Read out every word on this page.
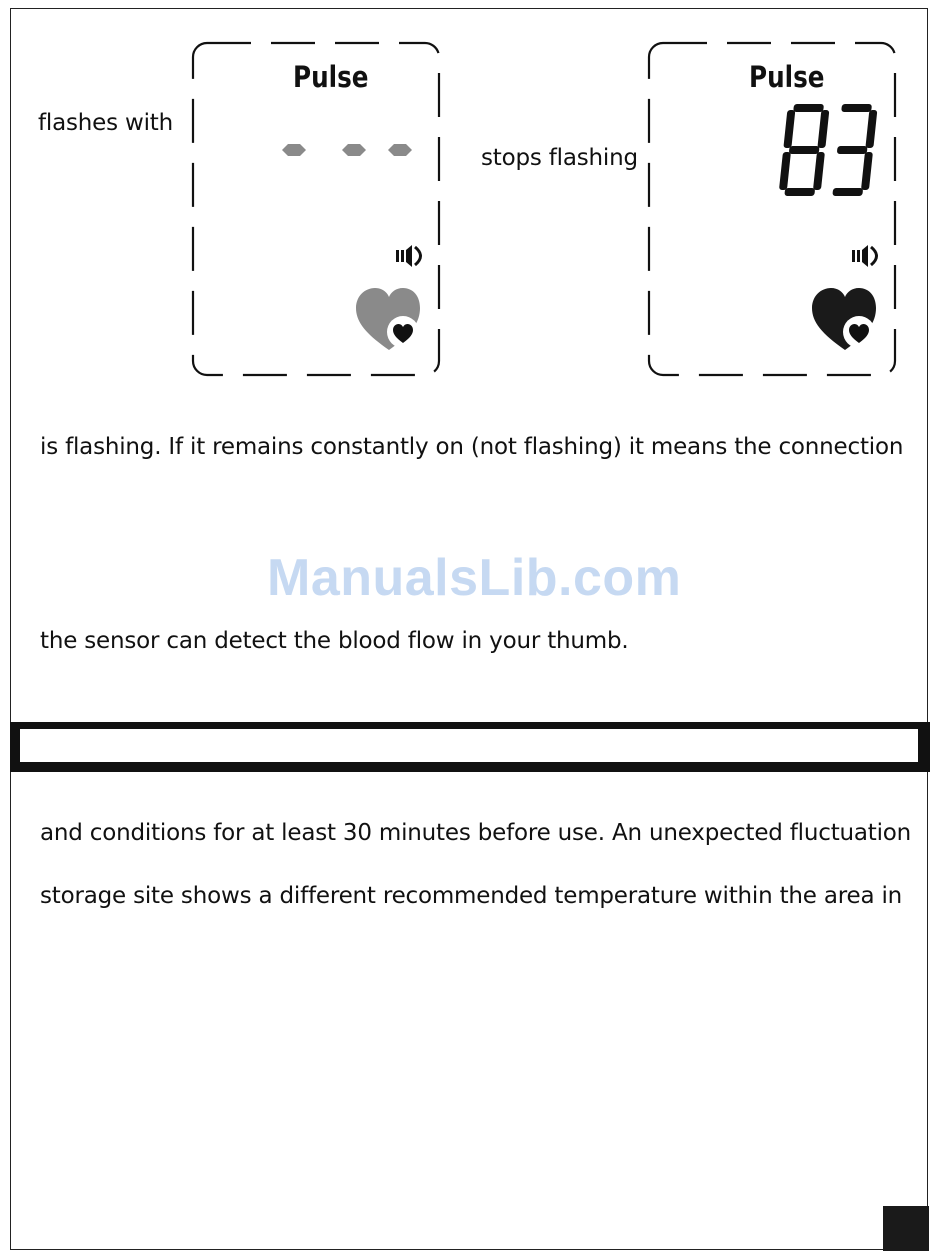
flashes with
Pulse
stops flashing
Pulse
is flashing. If it remains constantly on (not flashing) it means the connection
ManualsLib.com
the sensor can detect the blood flow in your thumb.
and conditions for at least 30 minutes before use. An unexpected fluctuation
storage site shows a different recommended temperature within the area in
